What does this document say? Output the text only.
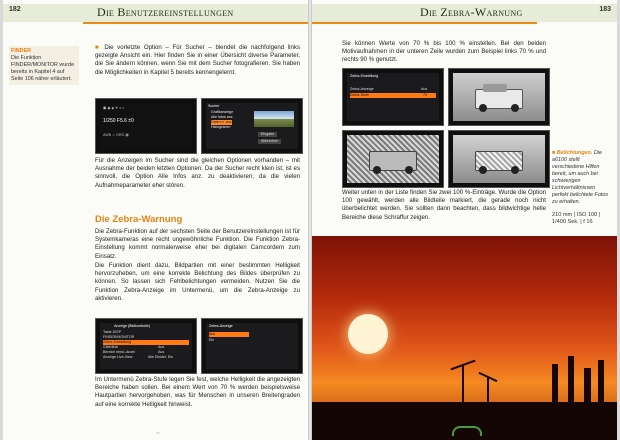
182	Die Benutzereinstellungen
FINDER
Die Funktion FINDER/MONITOR wurde bereits in Kapitel 4 auf Seite 106 näher erläutert.
■ Die vorletzte Option – Für Sucher – blendet die nachfolgend links gezeigte Ansicht ein. Hier finden Sie in einer Übersicht diverse Parameter, die Sie ändern können, wenn Sie mit dem Sucher fotografieren. Sie haben die Möglichkeiten in Kapitel 5 bereits kennengelernt.
▣ ◉ ◈ ✦ ⌖ ◐
1/250 F5.6 ±0
AWB ☼ DRO ▦
Sucher
Grafikanzeige
Alle Infos anz.
Daten n. anz.
Histogramm
Eingabe
Abbrechen
Für die Anzeigen im Sucher sind die gleichen Optionen vorhanden – mit Ausnahme der beiden letzten Optionen. Da der Sucher recht klein ist, ist es sinnvoll, die Option Alle Infos anz. zu deaktivieren, da die vielen Aufnahmeparameter eher stören.
Die Zebra-Warnung
Die Zebra-Funktion auf der sechsten Seite der Benutzereinstellungen ist für Systemkameras eine recht ungewöhnliche Funktion. Die Funktion Zebra-Einstellung kommt normalerweise eher bei digitalen Camcordern zum Einsatz.
Die Funktion dient dazu, Bildpartien mit einer bestimmten Helligkeit hervorzuheben, um eine korrekte Belichtung des Bildes überprüfen zu können. So lassen sich Fehlbelichtungen vermeiden. Nutzen Sie die Funktion Zebra-Anzeige im Untermenü, um die Zebra-Anzeige zu aktivieren.
Anzeige (Bildkontrolle)
Taste DISP
FINDER/MONITOR
Zebra-Einstellung
Gitterlinie	Aus
Bereich einst.-Anzei	Aus
Anzeige Live-View	Alle Einstel. Ein
Zebra-Anzeige
Aus
Ein
Im Untermenü Zebra-Stufe legen Sie fest, welche Helligkeit die angezeigten Bereiche haben sollen. Bei einem Wert von 70 % werden beispielsweise Hautpartien hervorgehoben, was für Menschen in unseren Breitengraden auf eine korrekte Helligkeit hinweist.
◠
Die Zebra-Warnung	183
Sie können Werte von 70 % bis 100 % einstellen. Bei den beiden Motivaufnahmen in der unteren Zeile wurden zum Beispiel links 70 % und rechts 90 % genutzt.
Zebra-Einstellung
Zebra-Anzeige	Aus
Zebra-Stufe	70
Weiter unten in der Liste finden Sie zwei 100 %-Einträge. Wurde die Option 100 gewählt, werden alle Bildteile markiert, die gerade noch nicht überbelichtet werden. Sie sollten dann beachten, dass bildwichtige helle Bereiche diese Schraffur zeigen.
■ Belichtungen. Die a6100 stellt verschiedene Hilfen bereit, um auch bei schwierigen Lichtverhältnissen perfekt belichtete Fotos zu erhalten.
210 mm | ISO 100 | 1/400 Sek. | f 16
